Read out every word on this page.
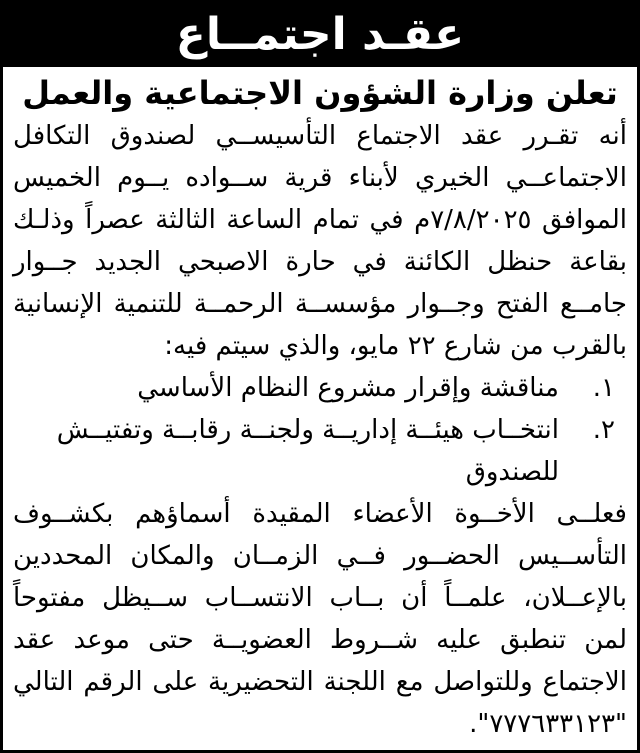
عقـد اجتمــاع
تعلن وزارة الشؤون الاجتماعية والعمل

أنه تقـرر عقد الاجتماع التأسيســي لصندوق التكافل الاجتماعــي الخيري لأبناء قرية ســواده يــوم الخميس الموافق ٧/٨/٢٠٢٥م في تمام الساعة الثالثة عصراً وذلـك بقاعة حنظل الكائنة في حارة الاصبحي الجديد جــوار جامــع الفتح وجــوار مؤسســة الرحمــة للتنمية الإنسانية بالقرب من شارع ٢٢ مايو، والذي سيتم فيه:

١.
مناقشة وإقرار مشروع النظام الأساسي
٢.
انتخــاب هيئــة إداريــة ولجنــة رقابــة وتفتيــش للصندوق

فعلــى الأخــوة الأعضاء المقيدة أسماؤهم بكشــوف التأســيس الحضــور فــي الزمــان والمكان المحددين بالإعــلان، علمــاً أن بــاب الانتســاب ســيظل مفتوحاً لمن تنطبق عليه شــروط العضويــة حتى موعد عقد الاجتماع وللتواصل مع اللجنة التحضيرية على الرقم التالي "٧٧٧٦٣٣١٢٣".
